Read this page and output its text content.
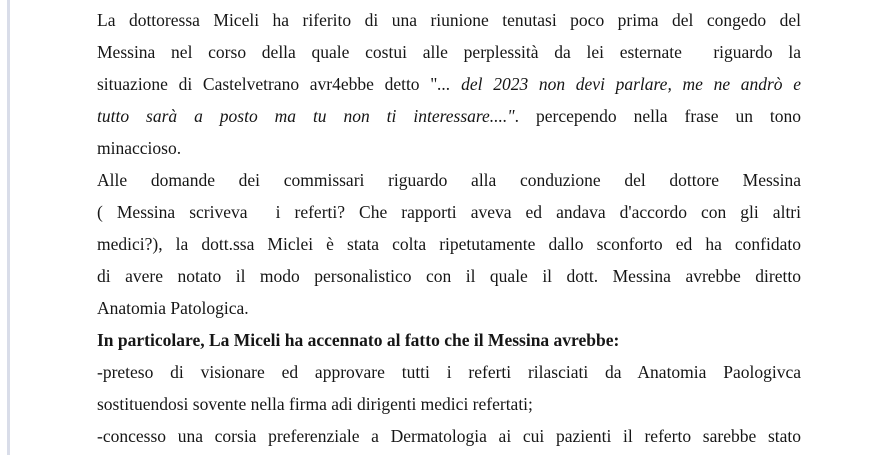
La dottoressa Miceli ha riferito di una riunione tenutasi poco prima del congedo del
Messina nel corso della quale costui alle perplessità da lei esternate  riguardo la
situazione di Castelvetrano avr4ebbe detto "... del 2023 non devi parlare, me ne andrò e
tutto sarà a posto ma tu non ti interessare....". percependo nella frase un tono
minaccioso.
Alle domande dei commissari riguardo alla conduzione del dottore Messina
( Messina scriveva  i referti? Che rapporti aveva ed andava d'accordo con gli altri
medici?), la dott.ssa Miclei è stata colta ripetutamente dallo sconforto ed ha confidato
di avere notato il modo personalistico con il quale il dott. Messina avrebbe diretto
Anatomia Patologica.
In particolare, La Miceli ha accennato al fatto che il Messina avrebbe:
-preteso di visionare ed approvare tutti i referti rilasciati da Anatomia Paologivca
sostituendosi sovente nella firma adi dirigenti medici refertati;
-concesso una corsia preferenziale a Dermatologia ai cui pazienti il referto sarebbe stato
